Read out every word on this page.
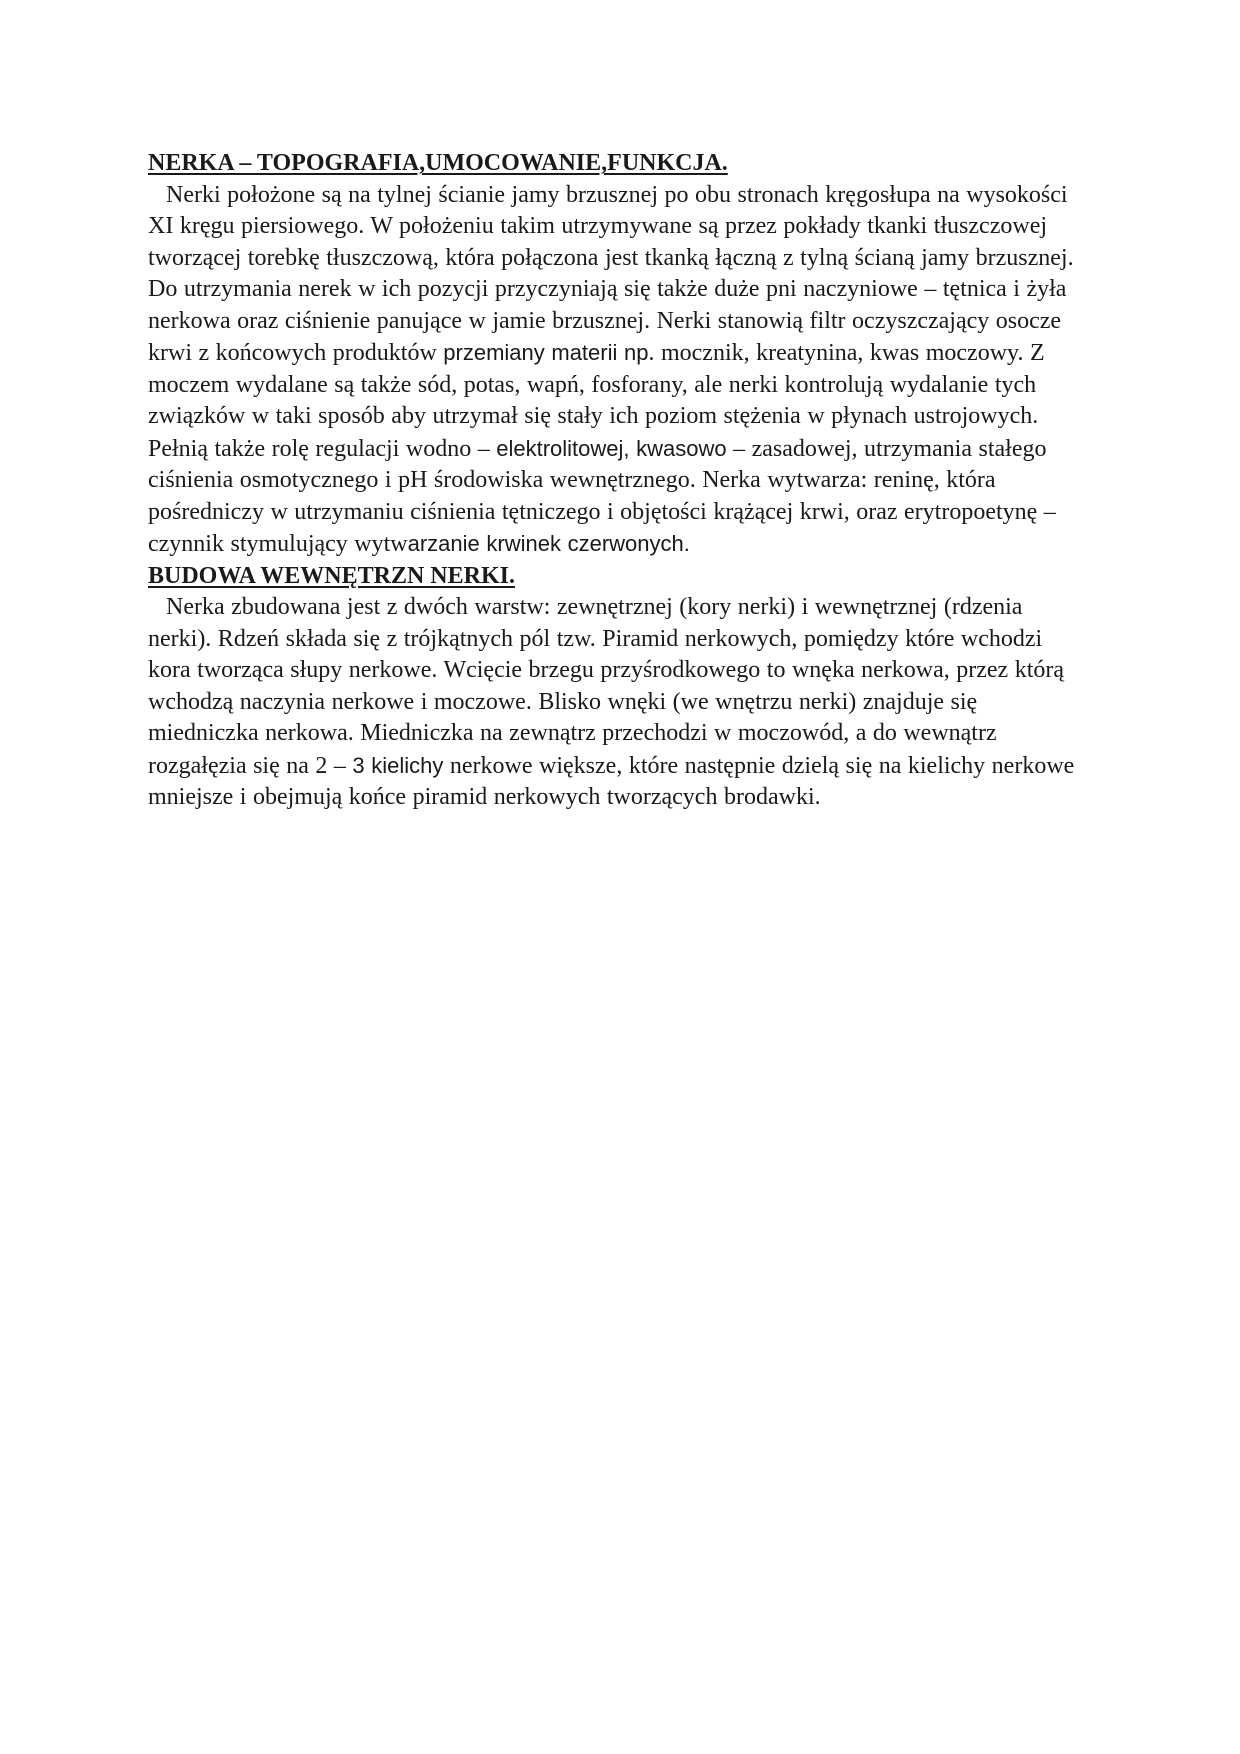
NERKA – TOPOGRAFIA,UMOCOWANIE,FUNKCJA.

Nerki położone są na tylnej ścianie jamy brzusznej po obu stronach kręgosłupa na wysokości XI kręgu piersiowego. W położeniu takim utrzymywane są przez pokłady tkanki tłuszczowej tworzącej torebkę tłuszczową, która połączona jest tkanką łączną z tylną ścianą jamy brzusznej. Do utrzymania nerek w ich pozycji przyczyniają się także duże pni naczyniowe – tętnica i żyła nerkowa oraz ciśnienie panujące w jamie brzusznej. Nerki stanowią filtr oczyszczający osocze krwi z końcowych produktów przemiany materii np. mocznik, kreatynina, kwas moczowy. Z moczem wydalane są także sód, potas, wapń, fosforany, ale nerki kontrolują wydalanie tych związków w taki sposób aby utrzymał się stały ich poziom stężenia w płynach ustrojowych. Pełnią także rolę regulacji wodno – elektrolitowej, kwasowo – zasadowej, utrzymania stałego ciśnienia osmotycznego i pH środowiska wewnętrznego. Nerka wytwarza: reninę, która pośredniczy w utrzymaniu ciśnienia tętniczego i objętości krążącej krwi, oraz erytropoetynę – czynnik stymulujący wytwarzanie krwinek czerwonych.

BUDOWA WEWNĘTRZN NERKI.

Nerka zbudowana jest z dwóch warstw: zewnętrznej (kory nerki) i wewnętrznej (rdzenia nerki). Rdzeń składa się z trójkątnych pól tzw. Piramid nerkowych, pomiędzy które wchodzi kora tworząca słupy nerkowe. Wcięcie brzegu przyśrodkowego to wnęka nerkowa, przez którą wchodzą naczynia nerkowe i moczowe. Blisko wnęki (we wnętrzu nerki) znajduje się miedniczka nerkowa. Miedniczka na zewnątrz przechodzi w moczowód, a do wewnątrz rozgałęzia się na 2 – 3 kielichy nerkowe większe, które następnie dzielą się na kielichy nerkowe mniejsze i obejmują końce piramid nerkowych tworzących brodawki.
